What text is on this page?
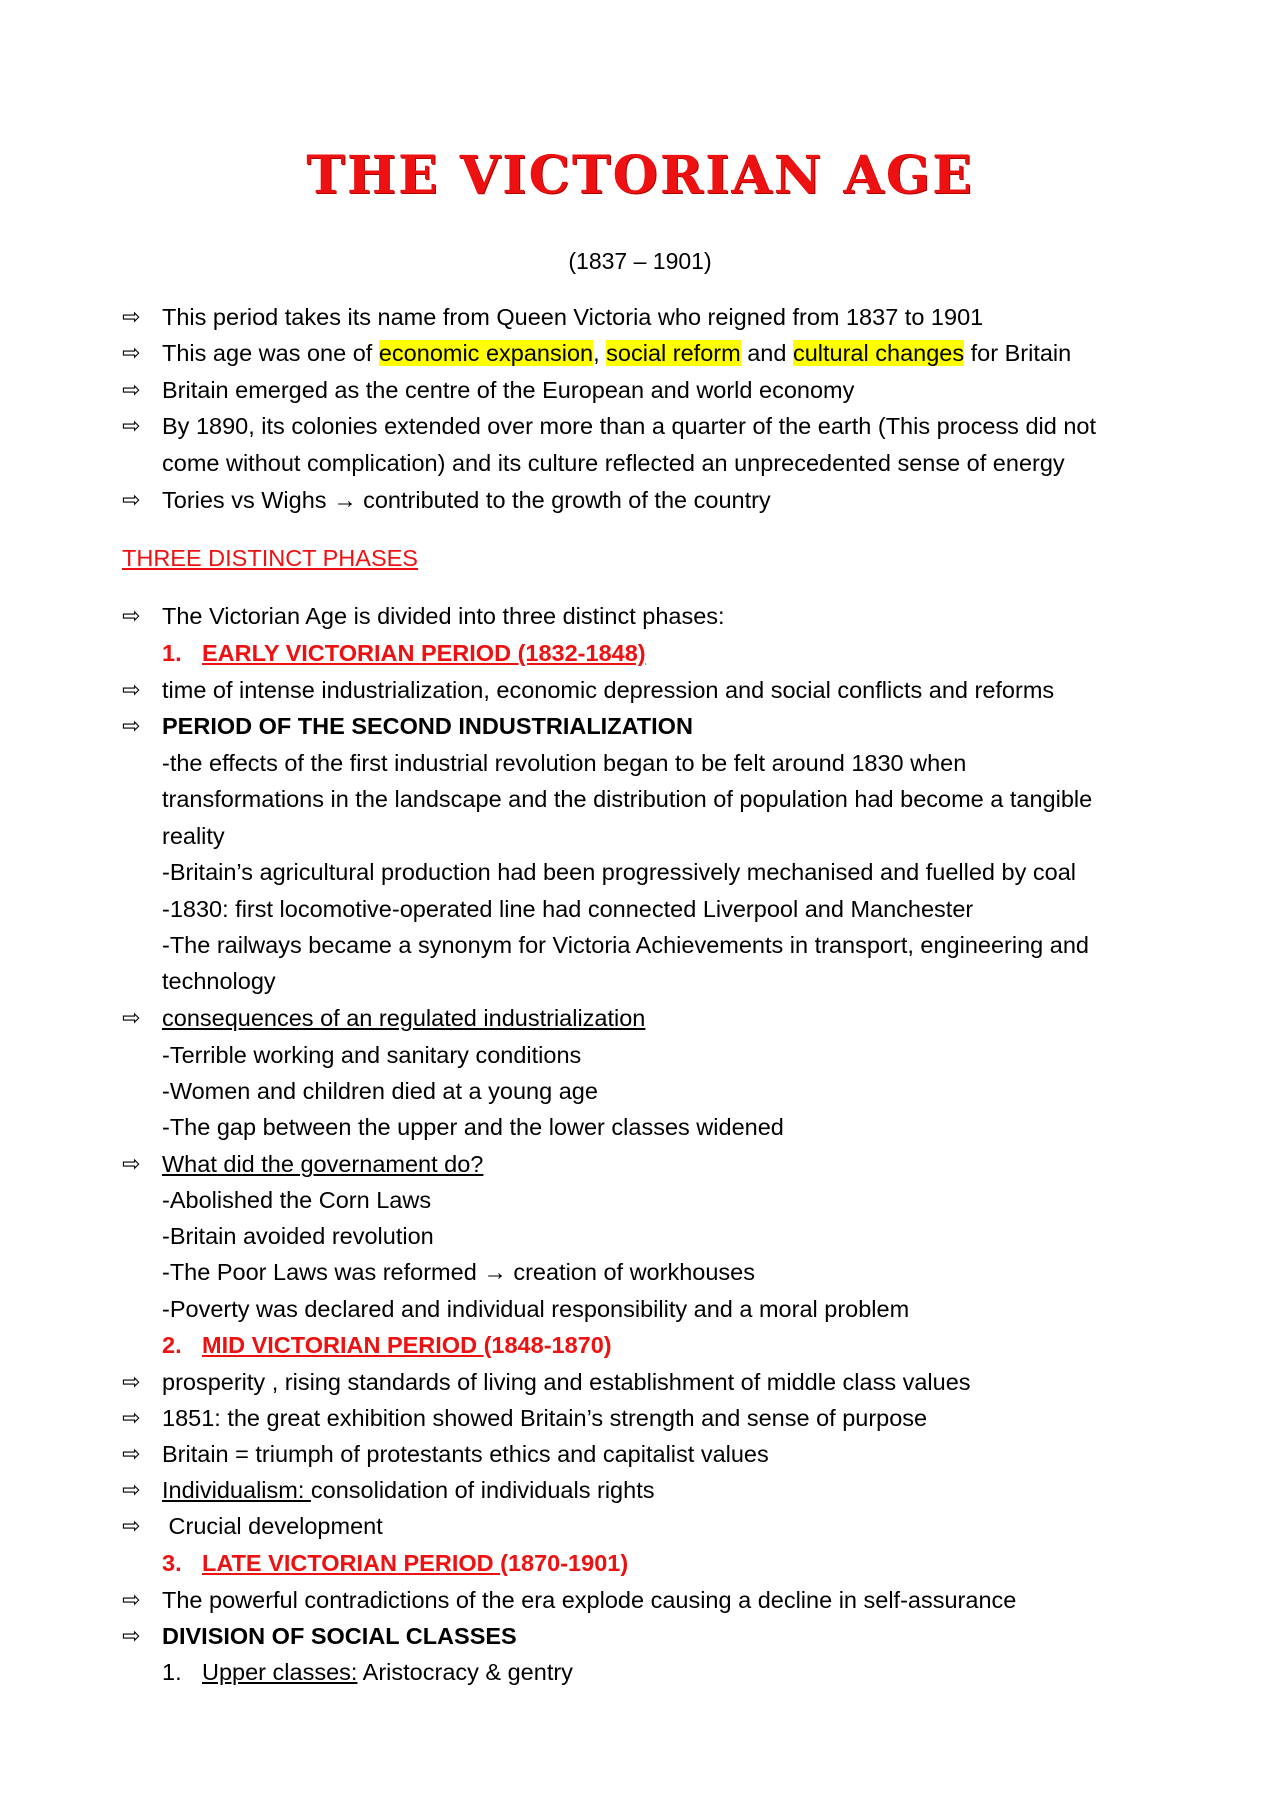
THE VICTORIAN AGE
(1837 – 1901)
⇨ This period takes its name from Queen Victoria who reigned from 1837 to 1901
⇨ This age was one of economic expansion, social reform and cultural changes for Britain
⇨ Britain emerged as the centre of the European and world economy
⇨ By 1890, its colonies extended over more than a quarter of the earth (This process did not
come without complication) and its culture reflected an unprecedented sense of energy
⇨ Tories vs Wighs → contributed to the growth of the country
THREE DISTINCT PHASES
⇨ The Victorian Age is divided into three distinct phases:
1. EARLY VICTORIAN PERIOD (1832-1848)
⇨ time of intense industrialization, economic depression and social conflicts and reforms
⇨ PERIOD OF THE SECOND INDUSTRIALIZATION
-the effects of the first industrial revolution began to be felt around 1830 when
transformations in the landscape and the distribution of population had become a tangible
reality
-Britain’s agricultural production had been progressively mechanised and fuelled by coal
-1830: first locomotive-operated line had connected Liverpool and Manchester
-The railways became a synonym for Victoria Achievements in transport, engineering and
technology
⇨ consequences of an regulated industrialization
-Terrible working and sanitary conditions
-Women and children died at a young age
-The gap between the upper and the lower classes widened
⇨ What did the governament do?
-Abolished the Corn Laws
-Britain avoided revolution
-The Poor Laws was reformed → creation of workhouses
-Poverty was declared and individual responsibility and a moral problem
2. MID VICTORIAN PERIOD (1848-1870)
⇨ prosperity , rising standards of living and establishment of middle class values
⇨ 1851: the great exhibition showed Britain’s strength and sense of purpose
⇨ Britain = triumph of protestants ethics and capitalist values
⇨ Individualism: consolidation of individuals rights
⇨ Crucial development
3. LATE VICTORIAN PERIOD (1870-1901)
⇨ The powerful contradictions of the era explode causing a decline in self-assurance
⇨ DIVISION OF SOCIAL CLASSES
1. Upper classes: Aristocracy & gentry
